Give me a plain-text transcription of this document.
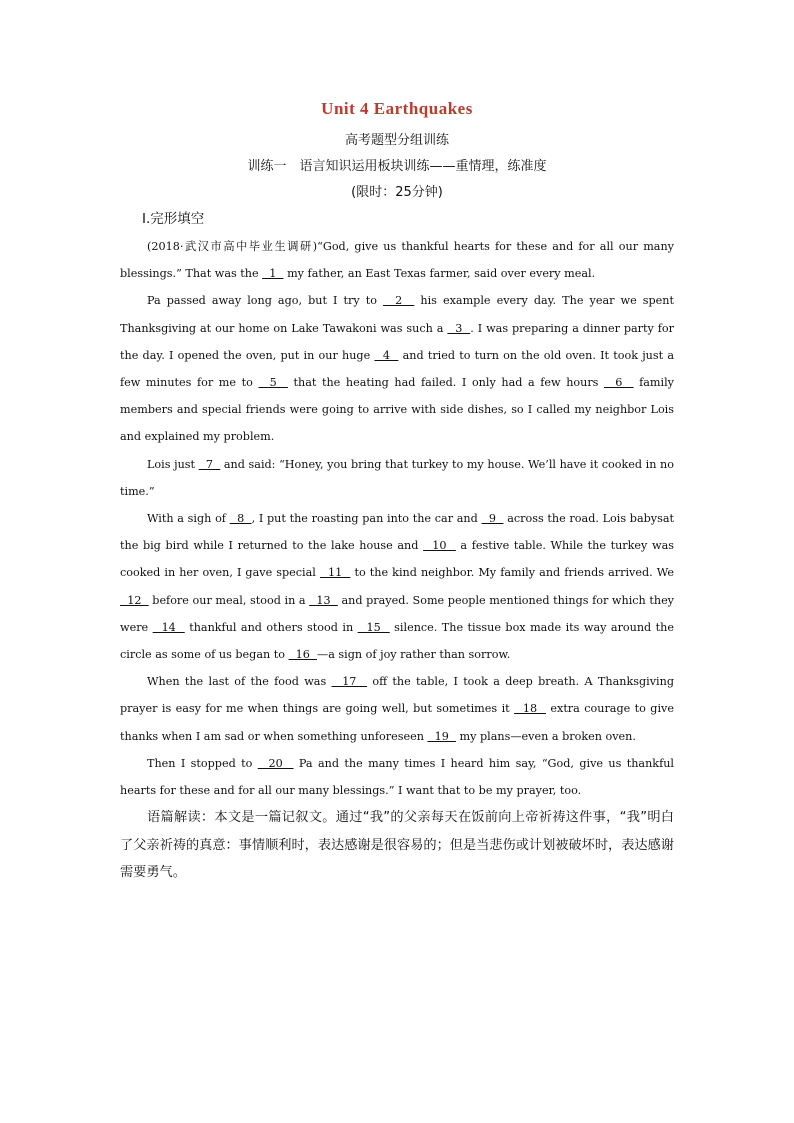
Unit 4 Earthquakes
高考题型分组训练
训练一　语言知识运用板块训练——重情理，练准度
(限时：25分钟)
Ⅰ.完形填空

(2018·武汉市高中毕业生调研)“God, give us thankful hearts for these and for all our many blessings.” That was the   1   my father, an East Texas farmer, said over every meal.

Pa passed away long ago, but I try to   2   his example every day. The year we spent Thanksgiving at our home on Lake Tawakoni was such a   3  . I was preparing a dinner party for the day. I opened the oven, put in our huge   4   and tried to turn on the old oven. It took just a few minutes for me to   5   that the heating had failed. I only had a few hours   6   family members and special friends were going to arrive with side dishes, so I called my neighbor Lois and explained my problem.

Lois just   7   and said: “Honey, you bring that turkey to my house. We’ll have it cooked in no time.”

With a sigh of   8  , I put the roasting pan into the car and   9   across the road. Lois babysat the big bird while I returned to the lake house and   10   a festive table. While the turkey was cooked in her oven, I gave special   11   to the kind neighbor. My family and friends arrived. We   12   before our meal, stood in a   13   and prayed. Some people mentioned things for which they were   14   thankful and others stood in   15   silence. The tissue box made its way around the circle as some of us began to   16  —a sign of joy rather than sorrow.

When the last of the food was   17   off the table, I took a deep breath. A Thanksgiving prayer is easy for me when things are going well, but sometimes it   18   extra courage to give thanks when I am sad or when something unforeseen   19   my plans—even a broken oven.

Then I stopped to   20   Pa and the many times I heard him say, “God, give us thankful hearts for these and for all our many blessings.” I want that to be my prayer, too.

语篇解读：本文是一篇记叙文。通过“我”的父亲每天在饭前向上帝祈祷这件事，“我”明白了父亲祈祷的真意：事情顺利时，表达感谢是很容易的；但是当悲伤或计划被破坏时，表达感谢需要勇气。
